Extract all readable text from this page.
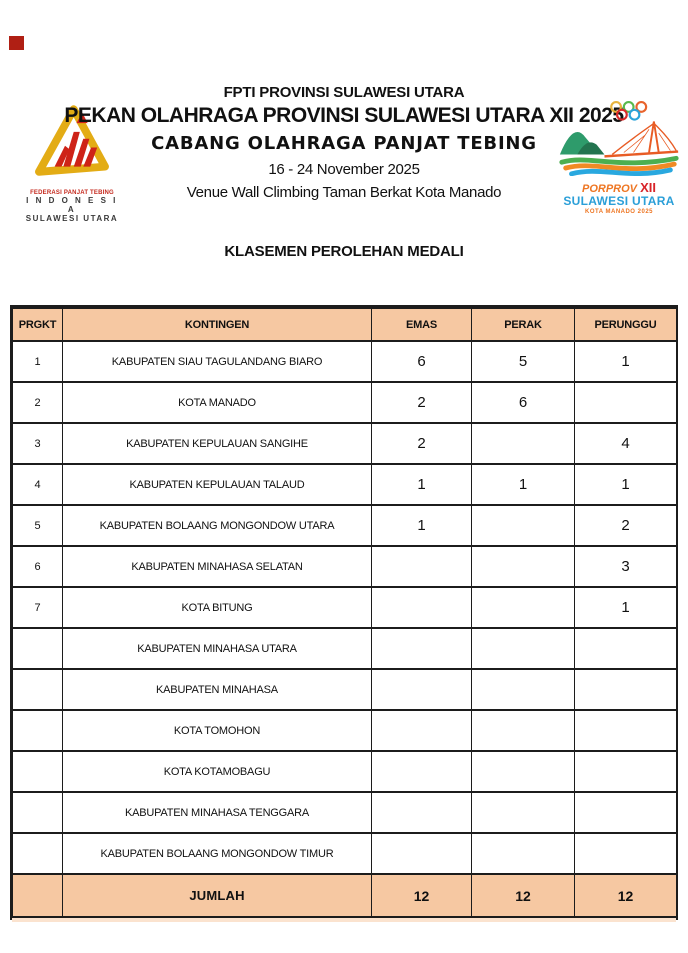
FEDERASI PANJAT TEBING
I N D O N E S I A
SULAWESI UTARA
FPTI PROVINSI SULAWESI UTARA
PEKAN OLAHRAGA PROVINSI SULAWESI UTARA XII 2025
CABANG OLAHRAGA PANJAT TEBING
16 - 24 November 2025
Venue Wall Climbing Taman Berkat Kota Manado	PORPROV XII
SULAWESI UTARA
KOTA MANADO 2025
KLASEMEN PEROLEHAN MEDALI
PRGKT	KONTINGEN	EMAS	PERAK	PERUNGGU
1	KABUPATEN SIAU TAGULANDANG BIARO	6	5	1
2	KOTA MANADO	2	6	
3	KABUPATEN KEPULAUAN SANGIHE	2		4
4	KABUPATEN KEPULAUAN TALAUD	1	1	1
5	KABUPATEN BOLAANG MONGONDOW UTARA	1		2
6	KABUPATEN MINAHASA SELATAN			3
7	KOTA BITUNG			1
	KABUPATEN MINAHASA UTARA			
	KABUPATEN MINAHASA			
	KOTA TOMOHON			
	KOTA KOTAMOBAGU			
	KABUPATEN MINAHASA TENGGARA			
	KABUPATEN BOLAANG MONGONDOW TIMUR			
	JUMLAH	12	12	12
